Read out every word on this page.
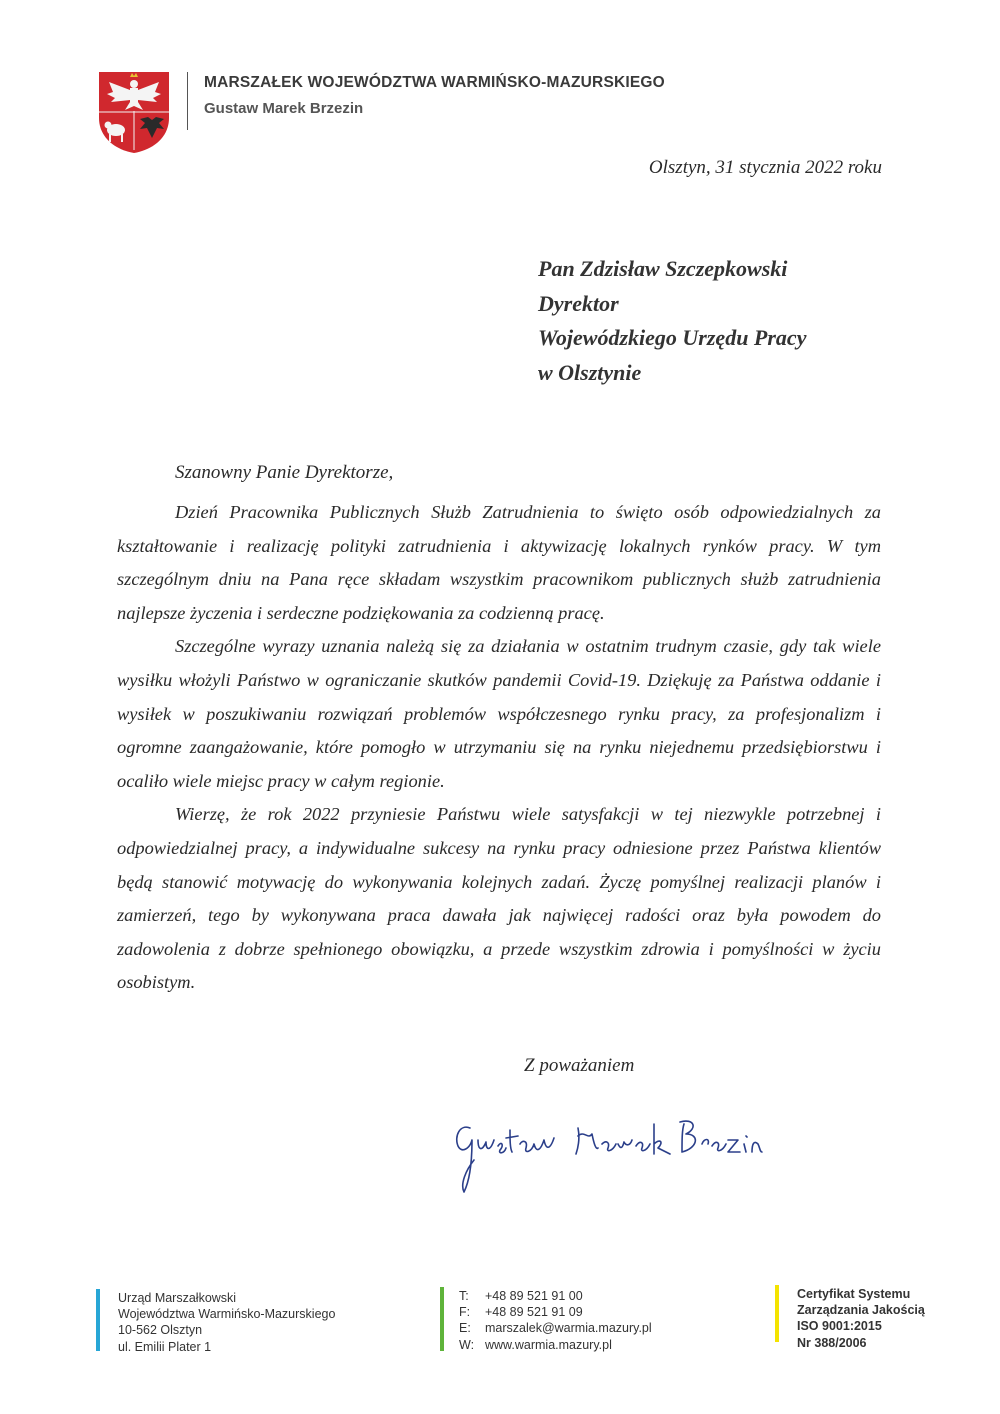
MARSZAŁEK WOJEWÓDZTWA WARMIŃSKO-MAZURSKIEGO
Gustaw Marek Brzezin
Olsztyn, 31 stycznia 2022 roku
Pan Zdzisław Szczepkowski
Dyrektor
Wojewódzkiego Urzędu Pracy
w Olsztynie
Szanowny Panie Dyrektorze,

Dzień Pracownika Publicznych Służb Zatrudnienia to święto osób odpowiedzialnych za kształtowanie i realizację polityki zatrudnienia i aktywizację lokalnych rynków pracy. W tym szczególnym dniu na Pana ręce składam wszystkim pracownikom publicznych służb zatrudnienia najlepsze życzenia i serdeczne podziękowania za codzienną pracę.

Szczególne wyrazy uznania należą się za działania w ostatnim trudnym czasie, gdy tak wiele wysiłku włożyli Państwo w ograniczanie skutków pandemii Covid-19. Dziękuję za Państwa oddanie i wysiłek w poszukiwaniu rozwiązań problemów współczesnego rynku pracy, za profesjonalizm i ogromne zaangażowanie, które pomogło w utrzymaniu się na rynku niejednemu przedsiębiorstwu i ocaliło wiele miejsc pracy w całym regionie.

Wierzę, że rok 2022 przyniesie Państwu wiele satysfakcji w tej niezwykle potrzebnej i odpowiedzialnej pracy, a indywidualne sukcesy na rynku pracy odniesione przez Państwa klientów będą stanowić motywację do wykonywania kolejnych zadań. Życzę pomyślnej realizacji planów i zamierzeń, tego by wykonywana praca dawała jak najwięcej radości oraz była powodem do zadowolenia z dobrze spełnionego obowiązku, a przede wszystkim zdrowia i pomyślności w życiu osobistym.

Z poważaniem
Urząd Marszałkowski
Województwa Warmińsko-Mazurskiego
10-562 Olsztyn
ul. Emilii Plater 1
T:	+48 89 521 91 00
F:	+48 89 521 91 09
E:	marszalek@warmia.mazury.pl
W: www.warmia.mazury.pl
Certyfikat Systemu
Zarządzania Jakością
ISO 9001:2015
Nr 388/2006
